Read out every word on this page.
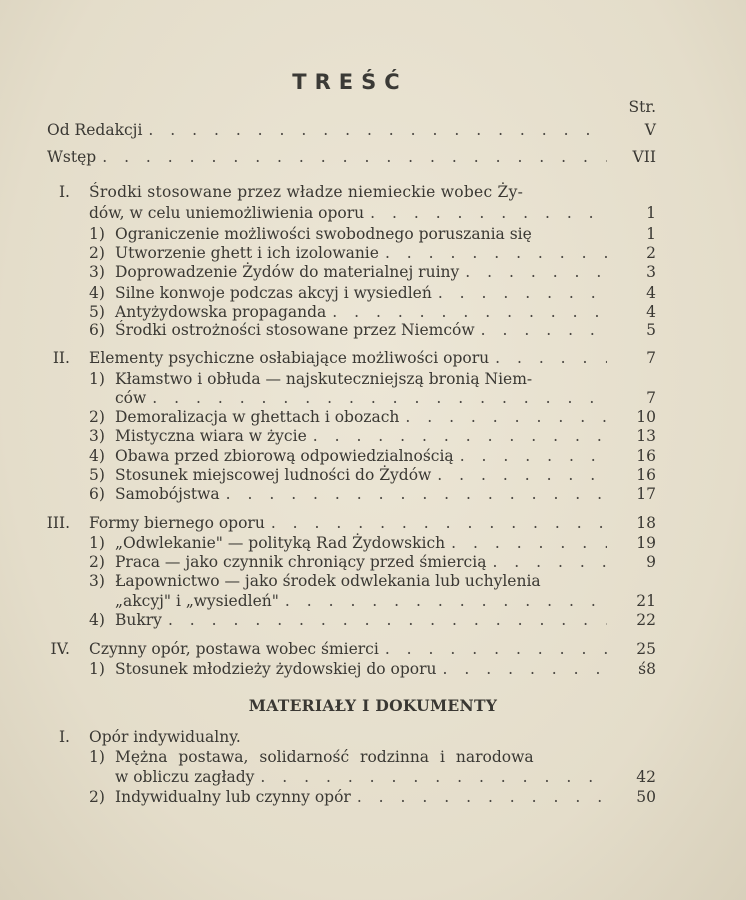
TREŚĆ
Str.
Od Redakcji . . .	V
Wstęp . . .	VII
I. Środki stosowane przez władze niemieckie wobec Ży-
dów, w celu uniemożliwienia oporu . . .	1
1) Ograniczenie możliwości swobodnego poruszania się	1
2) Utworzenie ghett i ich izolowanie . . .	2
3) Doprowadzenie Żydów do materialnej ruiny . . .	3
4) Silne konwoje podczas akcyj i wysiedleń . . .	4
5) Antyżydowska propaganda . . .	4
6) Środki ostrożności stosowane przez Niemców . . .	5
II. Elementy psychiczne osłabiające możliwości oporu . . .	7
1) Kłamstwo i obłuda — najskuteczniejszą bronią Niem-
ców . . .	7
2) Demoralizacja w ghettach i obozach . . .	10
3) Mistyczna wiara w życie . . .	13
4) Obawa przed zbiorową odpowiedzialnością . . .	16
5) Stosunek miejscowej ludności do Żydów . . .	16
6) Samobójstwa . . .	17
III. Formy biernego oporu . . .	18
1) „Odwlekanie" — polityką Rad Żydowskich . . .	19
2) Praca — jako czynnik chroniący przed śmiercią . . .	9
3) Łapownictwo — jako środek odwlekania lub uchylenia
„akcyj" i „wysiedleń" . . .	21
4) Bukry . . .	22
IV. Czynny opór, postawa wobec śmierci . . .	25
1) Stosunek młodzieży żydowskiej do oporu . . .	ś8
MATERIAŁY I DOKUMENTY
I. Opór indywidualny.
1) Mężna postawa, solidarność rodzinna i narodowa
w obliczu zagłady . . .	42
2) Indywidualny lub czynny opór . . .	50
